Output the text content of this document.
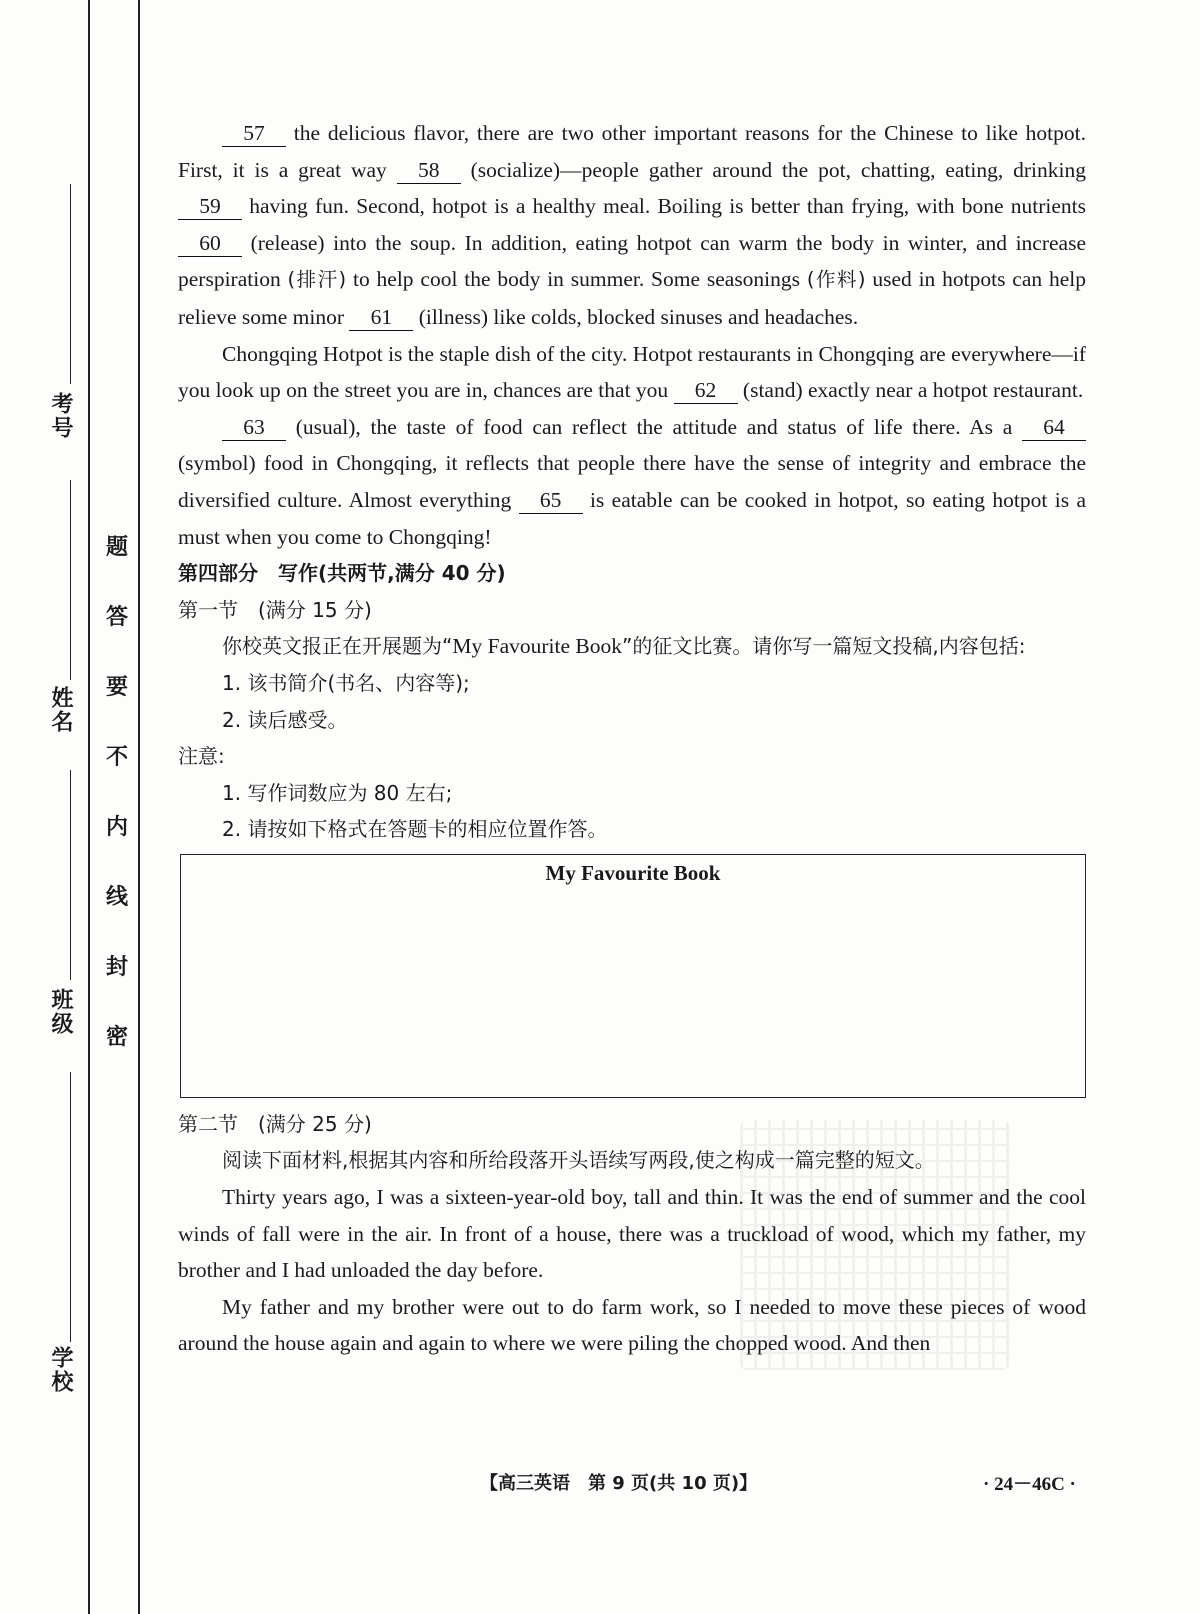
考号
姓名
班级
学校
题
答
要
不
内
线
封
密

57 the delicious flavor, there are two other important reasons for the Chinese to like hotpot. First, it is a great way 58 (socialize)—people gather around the pot, chatting, eating, drinking 59 having fun. Second, hotpot is a healthy meal. Boiling is better than frying, with bone nutrients 60 (release) into the soup. In addition, eating hotpot can warm the body in winter, and increase perspiration (排汗) to help cool the body in summer. Some seasonings (作料) used in hotpots can help relieve some minor 61 (illness) like colds, blocked sinuses and headaches.

Chongqing Hotpot is the staple dish of the city. Hotpot restaurants in Chongqing are everywhere—if you look up on the street you are in, chances are that you 62 (stand) exactly near a hotpot restaurant.

63 (usual), the taste of food can reflect the attitude and status of life there. As a 64 (symbol) food in Chongqing, it reflects that people there have the sense of integrity and embrace the diversified culture. Almost everything 65 is eatable can be cooked in hotpot, so eating hotpot is a must when you come to Chongqing!

第四部分　写作(共两节,满分 40 分)

第一节　(满分 15 分)

你校英文报正在开展题为“My Favourite Book”的征文比赛。请你写一篇短文投稿,内容包括:

1. 该书简介(书名、内容等);

2. 读后感受。

注意:

1. 写作词数应为 80 左右;

2. 请按如下格式在答题卡的相应位置作答。

My Favourite Book

第二节　(满分 25 分)

阅读下面材料,根据其内容和所给段落开头语续写两段,使之构成一篇完整的短文。

Thirty years ago, I was a sixteen-year-old boy, tall and thin. It was the end of summer and the cool winds of fall were in the air. In front of a house, there was a truckload of wood, which my father, my brother and I had unloaded the day before.

My father and my brother were out to do farm work, so I needed to move these pieces of wood around the house again and again to where we were piling the chopped wood. And then

【高三英语　第 9 页(共 10 页)】	· 24－46C ·
